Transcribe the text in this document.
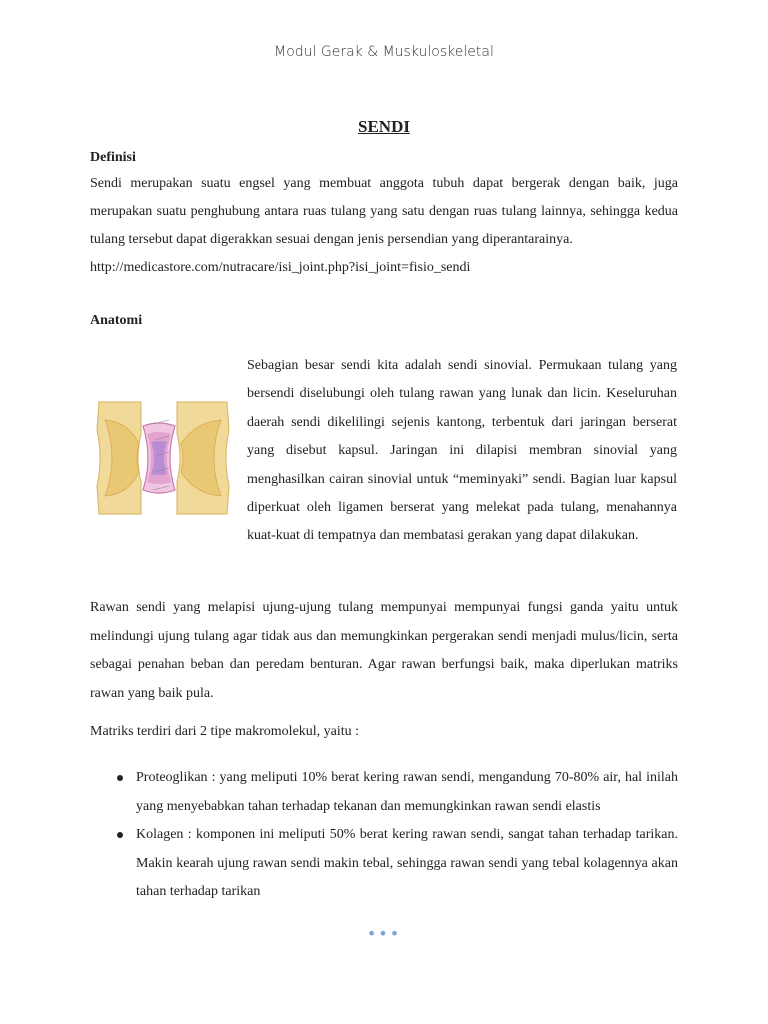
Modul Gerak & Muskuloskeletal
SENDI
Definisi

Sendi merupakan suatu engsel yang membuat anggota tubuh dapat bergerak dengan baik, juga merupakan suatu penghubung antara ruas tulang yang satu dengan ruas tulang lainnya, sehingga kedua tulang tersebut dapat digerakkan sesuai dengan jenis persendian yang diperantarainya.

http://medicastore.com/nutracare/isi_joint.php?isi_joint=fisio_sendi

Anatomi
Sebagian besar sendi kita adalah sendi sinovial. Permukaan tulang yang bersendi diselubungi oleh tulang rawan yang lunak dan licin. Keseluruhan daerah sendi dikelilingi sejenis kantong, terbentuk dari jaringan berserat yang disebut kapsul. Jaringan ini dilapisi membran sinovial yang menghasilkan cairan sinovial untuk “meminyaki” sendi. Bagian luar kapsul diperkuat oleh ligamen berserat yang melekat pada tulang, menahannya kuat-kuat di tempatnya dan membatasi gerakan yang dapat dilakukan.

Rawan sendi yang melapisi ujung-ujung tulang mempunyai mempunyai fungsi ganda yaitu untuk melindungi ujung tulang agar tidak aus dan memungkinkan pergerakan sendi menjadi mulus/licin, serta sebagai penahan beban dan peredam benturan. Agar rawan berfungsi baik, maka diperlukan matriks rawan yang baik pula.

Matriks terdiri dari 2 tipe makromolekul, yaitu :

Proteoglikan : yang meliputi 10% berat kering rawan sendi, mengandung 70-80% air, hal inilah yang menyebabkan tahan terhadap tekanan dan memungkinkan rawan sendi elastis
Kolagen : komponen ini meliputi 50% berat kering rawan sendi, sangat tahan terhadap tarikan. Makin kearah ujung rawan sendi makin tebal, sehingga rawan sendi yang tebal kolagennya akan tahan terhadap tarikan
•••
